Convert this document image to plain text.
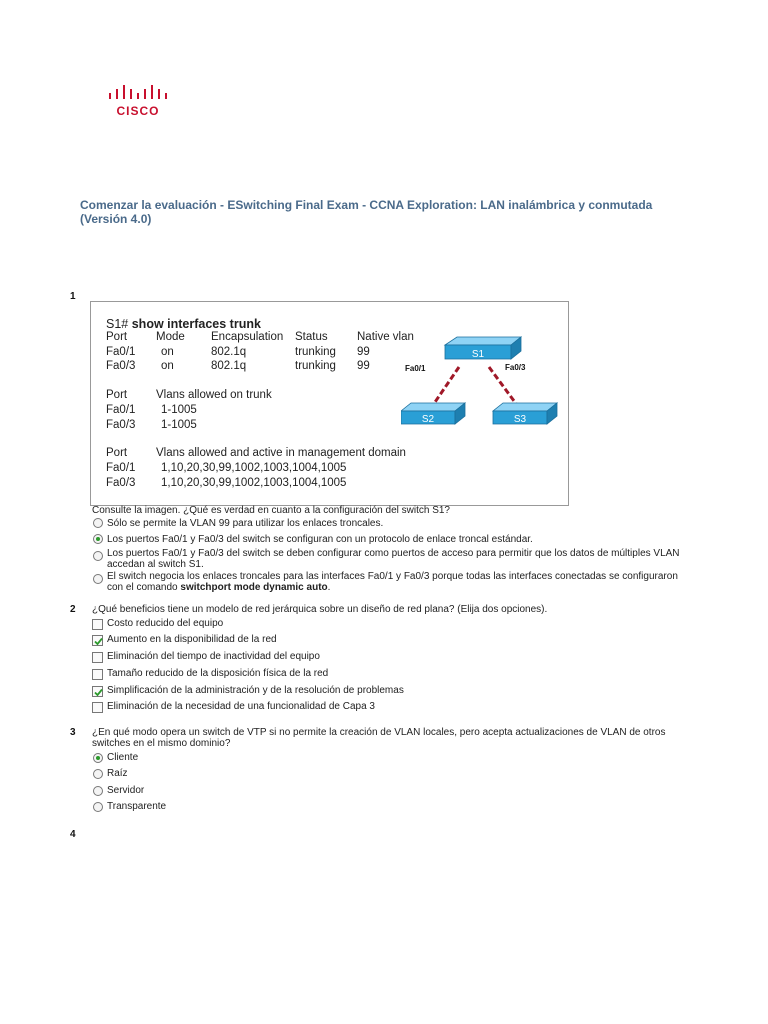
CISCO
Comenzar la evaluación - ESwitching Final Exam - CCNA Exploration: LAN inalámbrica y conmutada (Versión 4.0)
1
S1# show interfaces trunk
Port	Mode Encapsulation Status	Native vlan
Fa0/1 on	802.1q	trunking 99
Fa0/3 on	802.1q	trunking 99
Port	Vlans allowed on trunk
Fa0/1 1-1005
Fa0/3 1-1005
Port	Vlans allowed and active in management domain
Fa0/1 1,10,20,30,99,1002,1003,1004,1005
Fa0/3 1,10,20,30,99,1002,1003,1004,1005
S1
S2	S3
Fa0/1	Fa0/3
Consulte la imagen. ¿Qué es verdad en cuanto a la configuración del switch S1?
Sólo se permite la VLAN 99 para utilizar los enlaces troncales.
Los puertos Fa0/1 y Fa0/3 del switch se configuran con un protocolo de enlace troncal estándar.
Los puertos Fa0/1 y Fa0/3 del switch se deben configurar como puertos de acceso para permitir que los datos de múltiples VLAN accedan al switch S1.
El switch negocia los enlaces troncales para las interfaces Fa0/1 y Fa0/3 porque todas las interfaces conectadas se configuraron con el comando switchport mode dynamic auto.
2 ¿Qué beneficios tiene un modelo de red jerárquica sobre un diseño de red plana? (Elija dos opciones).
Costo reducido del equipo
Aumento en la disponibilidad de la red
Eliminación del tiempo de inactividad del equipo
Tamaño reducido de la disposición física de la red
Simplificación de la administración y de la resolución de problemas
Eliminación de la necesidad de una funcionalidad de Capa 3
3 ¿En qué modo opera un switch de VTP si no permite la creación de VLAN locales, pero acepta actualizaciones de VLAN de otros switches en el mismo dominio?
Cliente
Raíz
Servidor
Transparente
4
